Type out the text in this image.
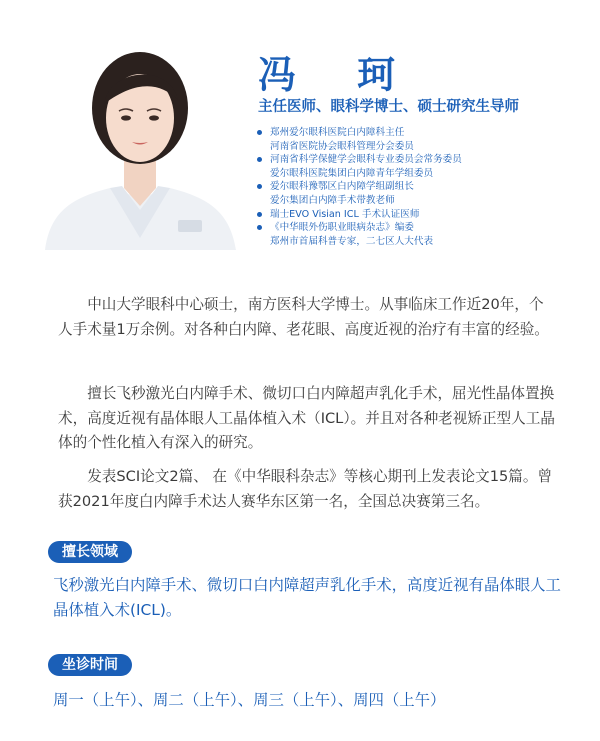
冯 珂
主任医师、眼科学博士、硕士研究生导师
郑州爱尔眼科医院白内障科主任
河南省医院协会眼科管理分会委员
河南省科学保健学会眼科专业委员会常务委员
爱尔眼科医院集团白内障青年学组委员
爱尔眼科豫鄂区白内障学组副组长
爱尔集团白内障手术带教老师
瑞士EVO Visian ICL 手术认证医师
《中华眼外伤职业眼病杂志》编委
郑州市首届科普专家，二七区人大代表

中山大学眼科中心硕士，南方医科大学博士。从事临床工作近20年，个人手术量1万余例。对各种白内障、老花眼、高度近视的治疗有丰富的经验。

擅长飞秒激光白内障手术、微切口白内障超声乳化手术，屈光性晶体置换术，高度近视有晶体眼人工晶体植入术（ICL）。并且对各种老视矫正型人工晶体的个性化植入有深入的研究。

发表SCI论文2篇、 在《中华眼科杂志》等核心期刊上发表论文15篇。曾获2021年度白内障手术达人赛华东区第一名，全国总决赛第三名。

擅长领域

飞秒激光白内障手术、微切口白内障超声乳化手术，高度近视有晶体眼人工晶体植入术(ICL)。

坐诊时间

周一（上午）、周二（上午）、周三（上午）、周四（上午）
